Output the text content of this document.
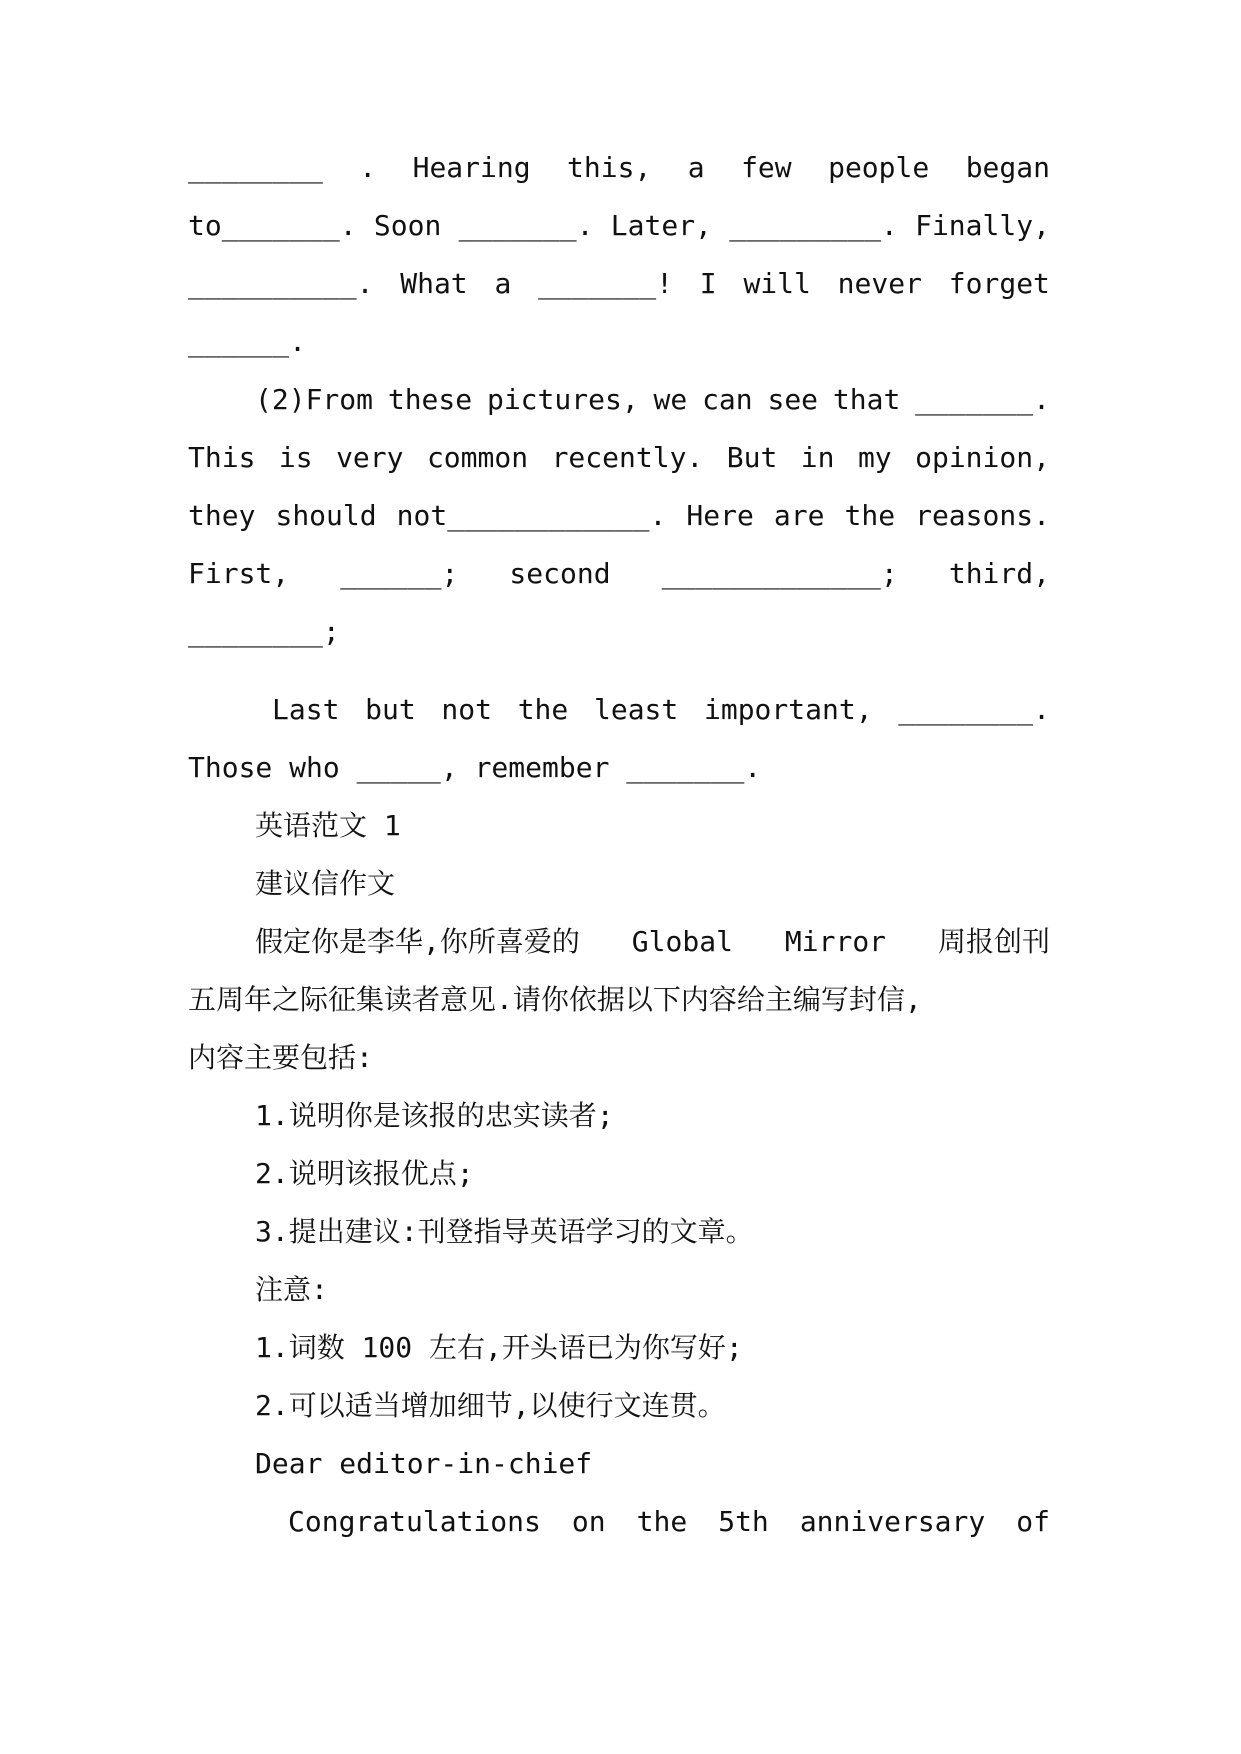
________ . Hearing this, a few people began
to_______. Soon _______. Later, _________. Finally,
__________. What a _______! I will never forget
______.
(2)From these pictures, we can see that _______.
This is very common recently. But in my opinion,
they should not____________. Here are the reasons.
First, ______; second _____________; third,
________;
Last but not the least important, ________.
Those who _____, remember _______.
英语范文 1
建议信作文
假定你是李华,你所喜爱的 Global Mirror 周报创刊
五周年之际征集读者意见.请你依据以下内容给主编写封信,
内容主要包括:
1.说明你是该报的忠实读者;
2.说明该报优点;
3.提出建议:刊登指导英语学习的文章。
注意:
1.词数 100 左右,开头语已为你写好;
2.可以适当增加细节,以使行文连贯。
Dear editor-in-chief
Congratulations on the 5th anniversary of
